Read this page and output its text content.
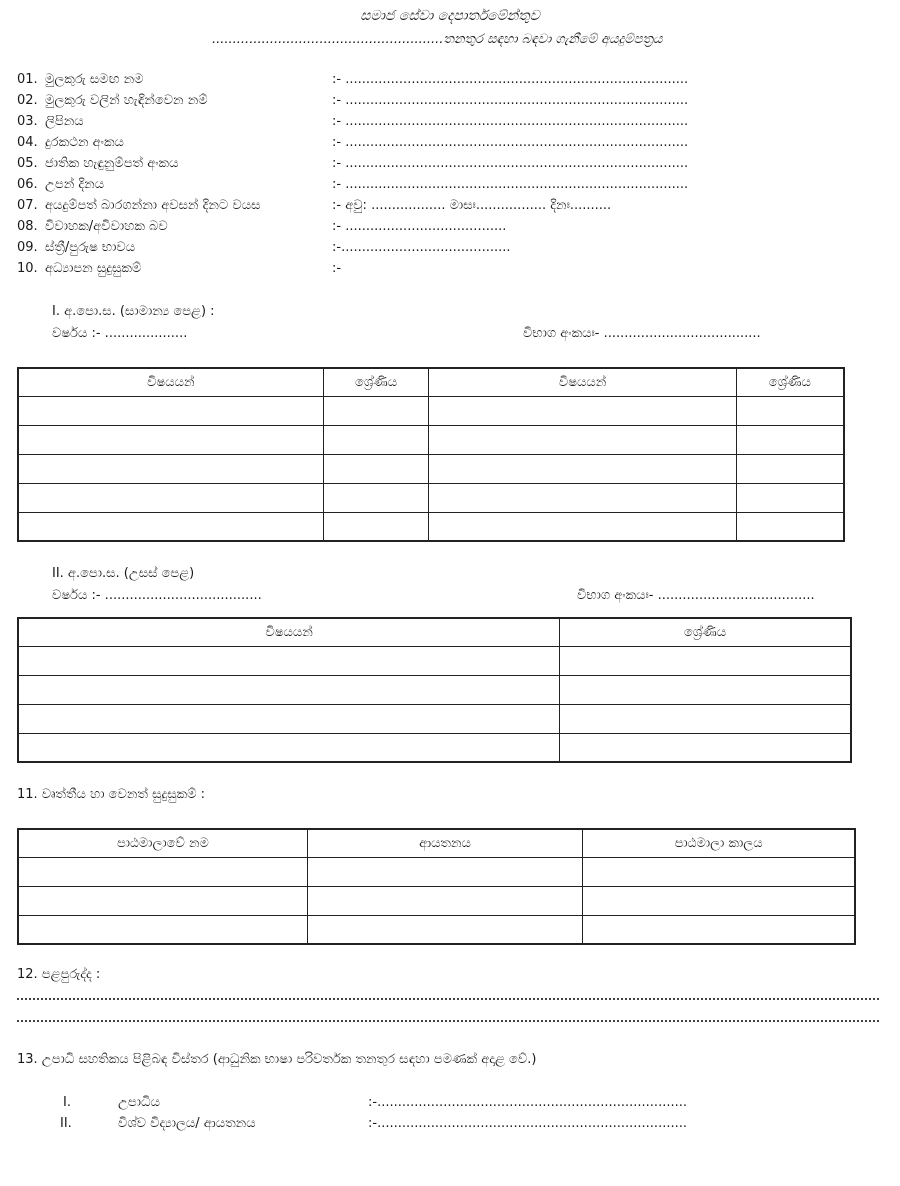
සමාජ සේවා දෙපාර්තමේන්තුව
........................................................තනතුර සඳහා බඳවා ගැනීමේ අයදුම්පත්‍රය
01. මුලකුරු සමඟ නම	:- ...................................................................................
02. මුලකුරු වලින් හැඳින්වෙන නම්	:- ...................................................................................
03. ලිපිනය	:- ...................................................................................
04. දුරකථන අංකය	:- ...................................................................................
05. ජාතික හැඳුනුම්පත් අංකය	:- ...................................................................................
06. උපන් දිනය	:- ...................................................................................
07. අයදුම්පත් බාරගන්නා අවසන් දිනට වයස	:- අවු: .................. මාසඃ................. දිනඃ..........
08. විවාහක/අවිවාහක බව	:- .......................................
09. ස්ත්‍රී/පුරුෂ භාවය	:-.........................................
10. අධ්‍යාපන සුදුසුකම්	:-
I. අ.පො.ස. (සාමාන්‍ය පෙළ) :
වර්ෂය :- ....................	විභාග අංකයඃ- ......................................
විෂයයන්	ශ්‍රේණිය	විෂයයන්	ශ්‍රේණිය

II. අ.පො.ස. (උසස් පෙළ)
වර්ෂය :- ......................................	විභාග අංකයඃ- ......................................
විෂයයන්	ශ්‍රේණිය

11. වෘත්තීය හා වෙනත් සුදුසුකම් :
පාඨමාලාවේ නම	ආයතනය	පාඨමාලා කාලය

12. පළපුරුද්ද :
13. උපාධි සහතිකය පිළිබඳ විස්තර (ආධුනික භාෂා පරිවර්තක තනතුර සඳහා පමණක් අදාළ වේ.)
I.	උපාධිය	:-...........................................................................
II.	විශ්ව විද්‍යාලය/ ආයතනය	:-...........................................................................
